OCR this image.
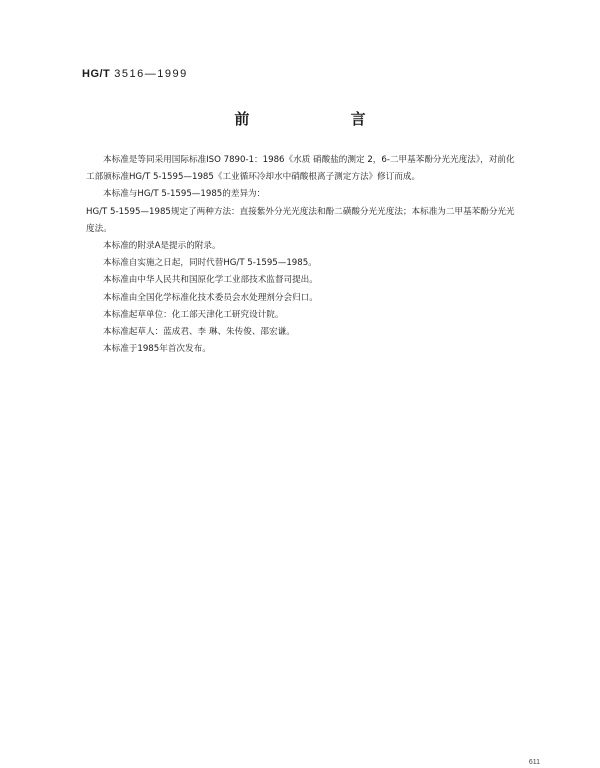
HG/T 3516—1999
前 言

本标准是等同采用国际标准ISO 7890-1：1986《水质 硝酸盐的测定 2，6-二甲基苯酚分光光度法》，对前化工部颁标准HG/T 5-1595—1985《工业循环冷却水中硝酸根离子测定方法》修订而成。

本标准与HG/T 5-1595—1985的差异为：

HG/T 5-1595—1985规定了两种方法：直接紫外分光光度法和酚二磺酸分光光度法；本标准为二甲基苯酚分光光度法。

本标准的附录A是提示的附录。

本标准自实施之日起，同时代替HG/T 5-1595—1985。

本标准由中华人民共和国原化学工业部技术监督司提出。

本标准由全国化学标准化技术委员会水处理剂分会归口。

本标准起草单位：化工部天津化工研究设计院。

本标准起草人：蓝成君、李 琳、朱传俊、邵宏谦。

本标准于1985年首次发布。

611
